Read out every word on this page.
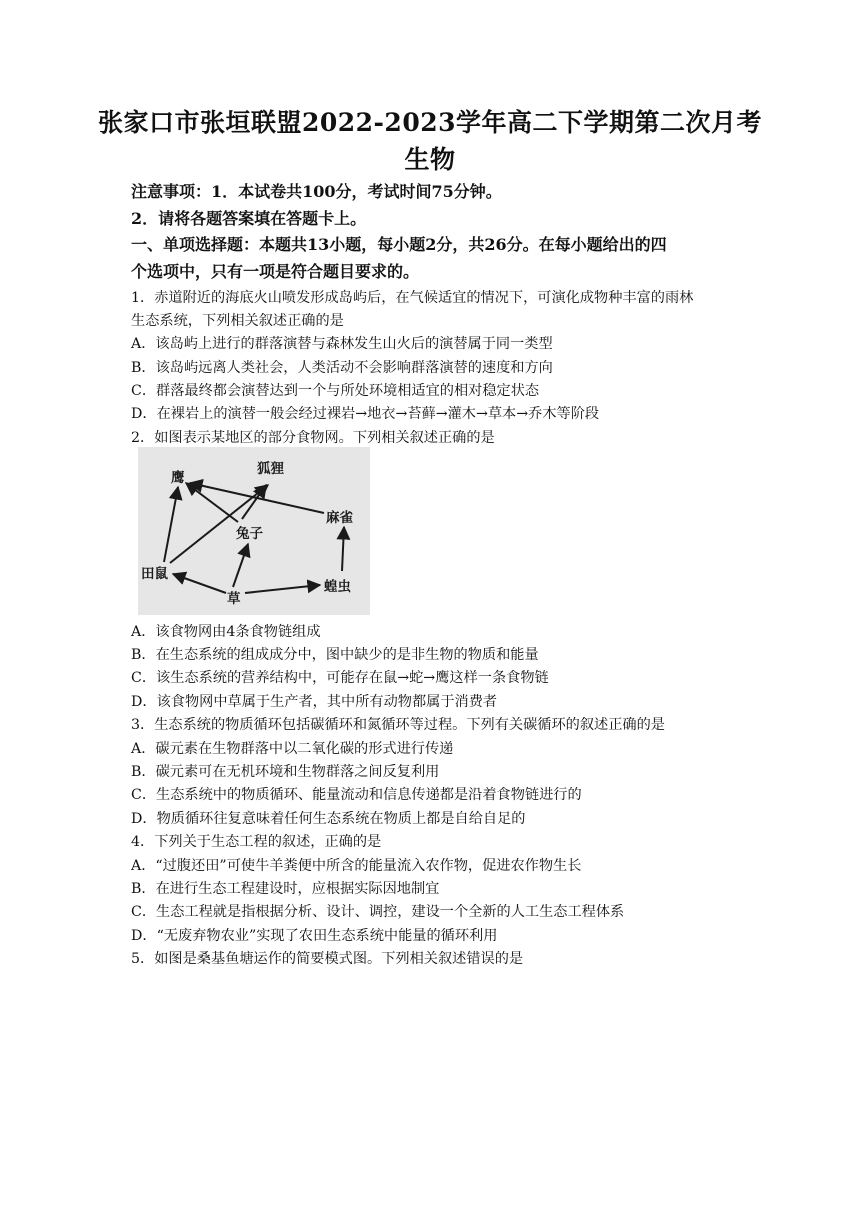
张家口市张垣联盟2022-2023学年高二下学期第二次月考
生物
注意事项：1．本试卷共100分，考试时间75分钟。
2．请将各题答案填在答题卡上。
一、单项选择题：本题共13小题，每小题2分，共26分。在每小题给出的四
个选项中，只有一项是符合题目要求的。
1．赤道附近的海底火山喷发形成岛屿后，在气候适宜的情况下，可演化成物种丰富的雨林
生态系统，下列相关叙述正确的是
A．该岛屿上进行的群落演替与森林发生山火后的演替属于同一类型
B．该岛屿远离人类社会，人类活动不会影响群落演替的速度和方向
C．群落最终都会演替达到一个与所处环境相适宜的相对稳定状态
D．在裸岩上的演替一般会经过裸岩→地衣→苔藓→灌木→草本→乔木等阶段
2．如图表示某地区的部分食物网。下列相关叙述正确的是
鹰
狐狸
兔子
麻雀
田鼠
草
蝗虫
A．该食物网由4条食物链组成
B．在生态系统的组成成分中，图中缺少的是非生物的物质和能量
C．该生态系统的营养结构中，可能存在鼠→蛇→鹰这样一条食物链
D．该食物网中草属于生产者，其中所有动物都属于消费者
3．生态系统的物质循环包括碳循环和氮循环等过程。下列有关碳循环的叙述正确的是
A．碳元素在生物群落中以二氧化碳的形式进行传递
B．碳元素可在无机环境和生物群落之间反复利用
C．生态系统中的物质循环、能量流动和信息传递都是沿着食物链进行的
D．物质循环往复意味着任何生态系统在物质上都是自给自足的
4．下列关于生态工程的叙述，正确的是
A．“过腹还田”可使牛羊粪便中所含的能量流入农作物，促进农作物生长
B．在进行生态工程建设时，应根据实际因地制宜
C．生态工程就是指根据分析、设计、调控，建设一个全新的人工生态工程体系
D．“无废弃物农业”实现了农田生态系统中能量的循环利用
5．如图是桑基鱼塘运作的简要模式图。下列相关叙述错误的是
